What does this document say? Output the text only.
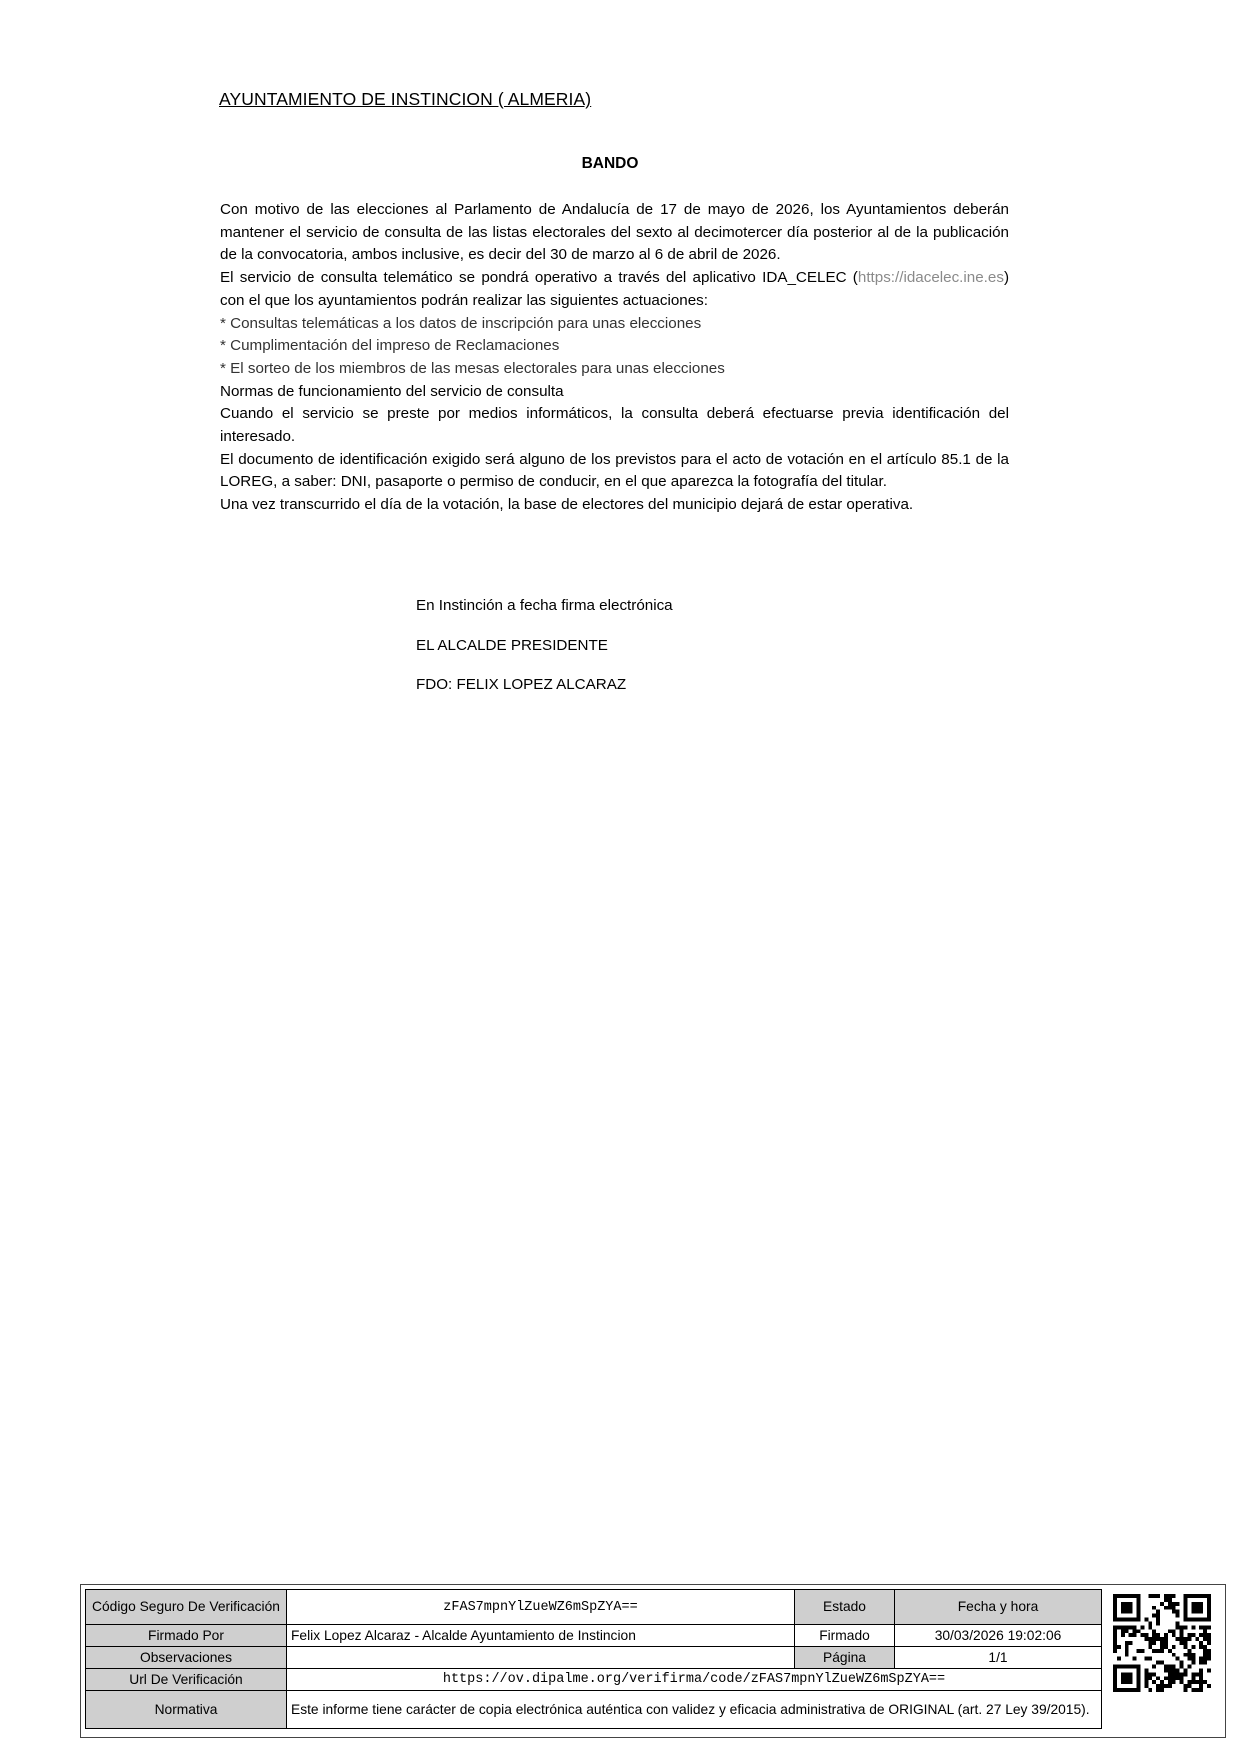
AYUNTAMIENTO DE INSTINCION ( ALMERIA)
BANDO

Con motivo de las elecciones al Parlamento de Andalucía de 17 de mayo de 2026, los Ayuntamientos deberán mantener el servicio de consulta de las listas electorales del sexto al decimotercer día posterior al de la publicación de la convocatoria, ambos inclusive, es decir del 30 de marzo al 6 de abril de 2026.

El servicio de consulta telemático se pondrá operativo a través del aplicativo IDA_CELEC (https://idacelec.ine.es) con el que los ayuntamientos podrán realizar las siguientes actuaciones:

* Consultas telemáticas a los datos de inscripción para unas elecciones

* Cumplimentación del impreso de Reclamaciones

* El sorteo de los miembros de las mesas electorales para unas elecciones

Normas de funcionamiento del servicio de consulta

Cuando el servicio se preste por medios informáticos, la consulta deberá efectuarse previa identificación del interesado.

El documento de identificación exigido será alguno de los previstos para el acto de votación en el artículo 85.1 de la LOREG, a saber: DNI, pasaporte o permiso de conducir, en el que aparezca la fotografía del titular.

Una vez transcurrido el día de la votación, la base de electores del municipio dejará de estar operativa.

En Instinción a fecha firma electrónica
EL ALCALDE PRESIDENTE
FDO: FELIX LOPEZ ALCARAZ
Código Seguro De Verificación	zFAS7mpnYlZueWZ6mSpZYA==	Estado	Fecha y hora
Firmado Por	Felix Lopez Alcaraz - Alcalde Ayuntamiento de Instincion	Firmado	30/03/2026 19:02:06
Observaciones		Página	1/1
Url De Verificación	https://ov.dipalme.org/verifirma/code/zFAS7mpnYlZueWZ6mSpZYA==		
Normativa	Este informe tiene carácter de copia electrónica auténtica con validez y eficacia administrativa de ORIGINAL (art. 27 Ley 39/2015).		
